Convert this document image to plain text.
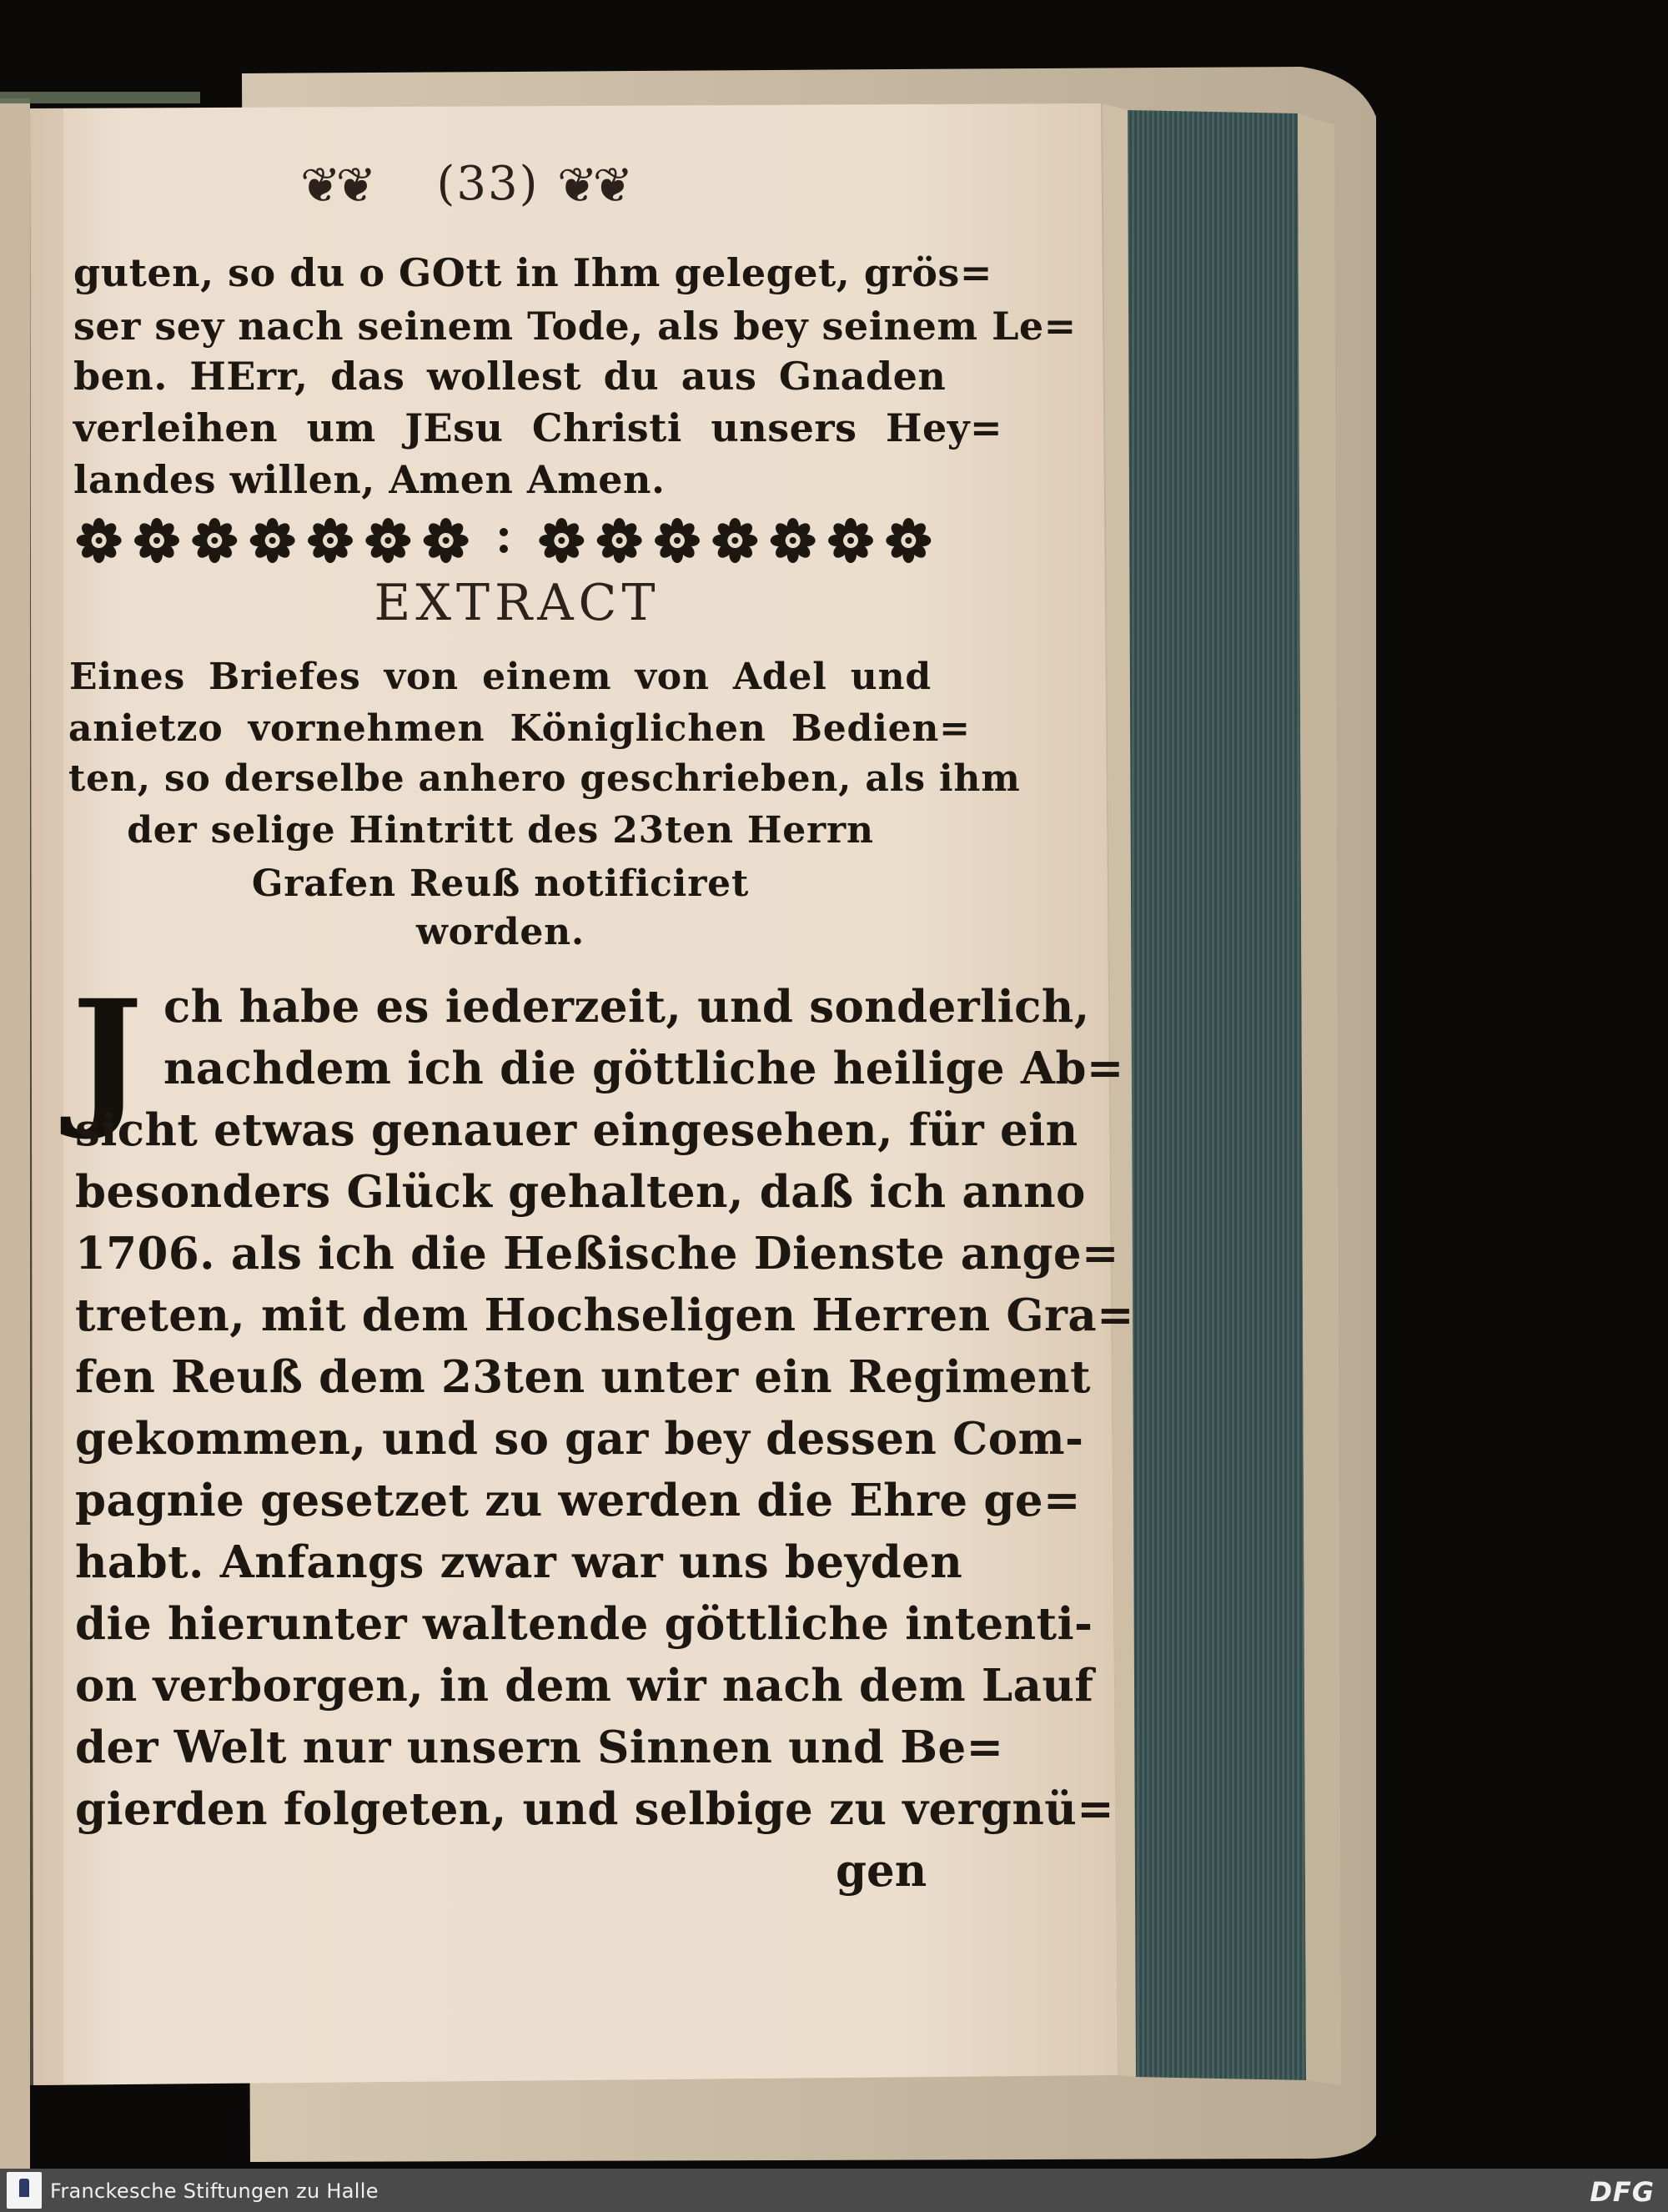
❦❦ (33) ❦❦

guten, so du o GOtt in Ihm geleget, grös=

ser sey nach seinem Tode, als bey seinem Le=

ben. HErr, das wollest du aus Gnaden

verleihen um JEsu Christi unsers Hey=

landes willen, Amen Amen.

EXTRACT

Eines Briefes von einem von Adel und

anietzo vornehmen Königlichen Bedien=

ten, so derselbe anhero geschrieben, als ihm

der selige Hintritt des 23ten Herrn

Grafen Reuß notificiret

worden.

J ch habe es iederzeit, und sonderlich,

nachdem ich die göttliche heilige Ab=

sicht etwas genauer eingesehen, für ein

besonders Glück gehalten, daß ich anno

1706. als ich die Heßische Dienste ange=

treten, mit dem Hochseligen Herren Gra=

fen Reuß dem 23ten unter ein Regiment

gekommen, und so gar bey dessen Com-

pagnie gesetzet zu werden die Ehre ge=

habt. Anfangs zwar war uns beyden

die hierunter waltende göttliche intenti-

on verborgen, in dem wir nach dem Lauf

der Welt nur unsern Sinnen und Be=

gierden folgeten, und selbige zu vergnü=

gen

Franckesche Stiftungen zu Halle	DFG
